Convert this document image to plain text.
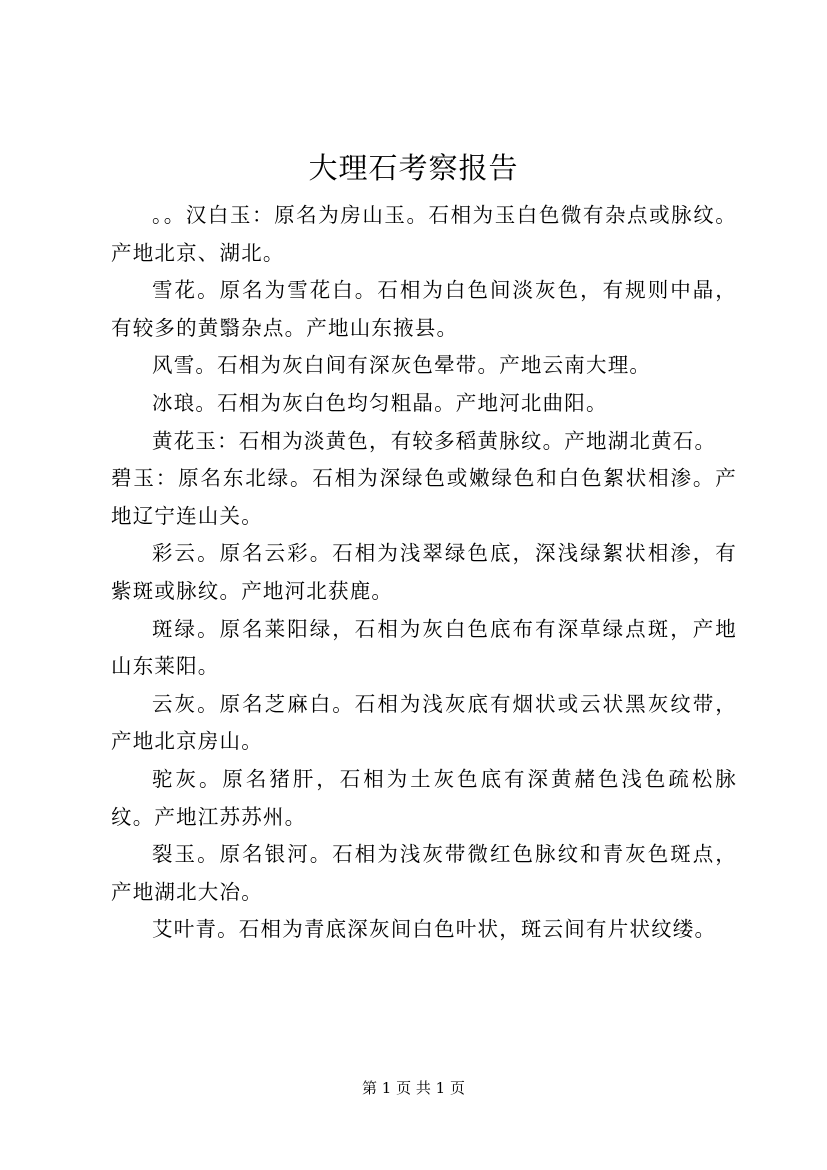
大理石考察报告

。。汉白玉：原名为房山玉。石相为玉白色微有杂点或脉纹。产地北京、湖北。

雪花。原名为雪花白。石相为白色间淡灰色，有规则中晶，有较多的黄翳杂点。产地山东掖县。

风雪。石相为灰白间有深灰色晕带。产地云南大理。

冰琅。石相为灰白色均匀粗晶。产地河北曲阳。

黄花玉：石相为淡黄色，有较多稻黄脉纹。产地湖北黄石。

碧玉：原名东北绿。石相为深绿色或嫩绿色和白色絮状相渗。产地辽宁连山关。

彩云。原名云彩。石相为浅翠绿色底，深浅绿絮状相渗，有紫斑或脉纹。产地河北获鹿。

斑绿。原名莱阳绿，石相为灰白色底布有深草绿点斑，产地山东莱阳。

云灰。原名芝麻白。石相为浅灰底有烟状或云状黑灰纹带，产地北京房山。

驼灰。原名猪肝，石相为土灰色底有深黄赭色浅色疏松脉纹。产地江苏苏州。

裂玉。原名银河。石相为浅灰带微红色脉纹和青灰色斑点，产地湖北大冶。

艾叶青。石相为青底深灰间白色叶状，斑云间有片状纹缕。

第 1 页 共 1 页
